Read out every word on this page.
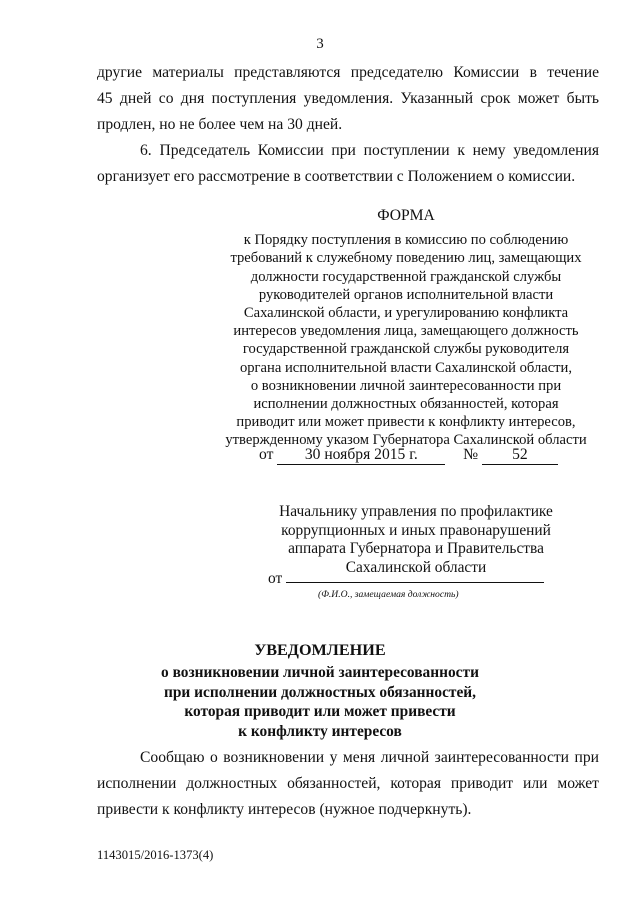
3
другие материалы представляются председателю Комиссии в течение
45 дней со дня поступления уведомления. Указанный срок может быть
продлен, но не более чем на 30 дней.
6. Председатель Комиссии при поступлении к нему уведомления
организует его рассмотрение в соответствии с Положением о комиссии.
ФОРМА
к Порядку поступления в комиссию по соблюдению
требований к служебному поведению лиц, замещающих
должности государственной гражданской службы
руководителей органов исполнительной власти
Сахалинской области, и урегулированию конфликта
интересов уведомления лица, замещающего должность
государственной гражданской службы руководителя
органа исполнительной власти Сахалинской области,
о возникновении личной заинтересованности при
исполнении должностных обязанностей, которая
приводит или может привести к конфликту интересов,
утвержденному указом Губернатора Сахалинской области
от 30 ноября 2015 г.	№ 52
Начальнику управления по профилактике
коррупционных и иных правонарушений
аппарата Губернатора и Правительства
Сахалинской области
от
(Ф.И.О., замещаемая должность)
УВЕДОМЛЕНИЕ
о возникновении личной заинтересованности
при исполнении должностных обязанностей,
которая приводит или может привести
к конфликту интересов
Сообщаю о возникновении у меня личной заинтересованности при
исполнении должностных обязанностей, которая приводит или может
привести к конфликту интересов (нужное подчеркнуть).
1143015/2016-1373(4)
